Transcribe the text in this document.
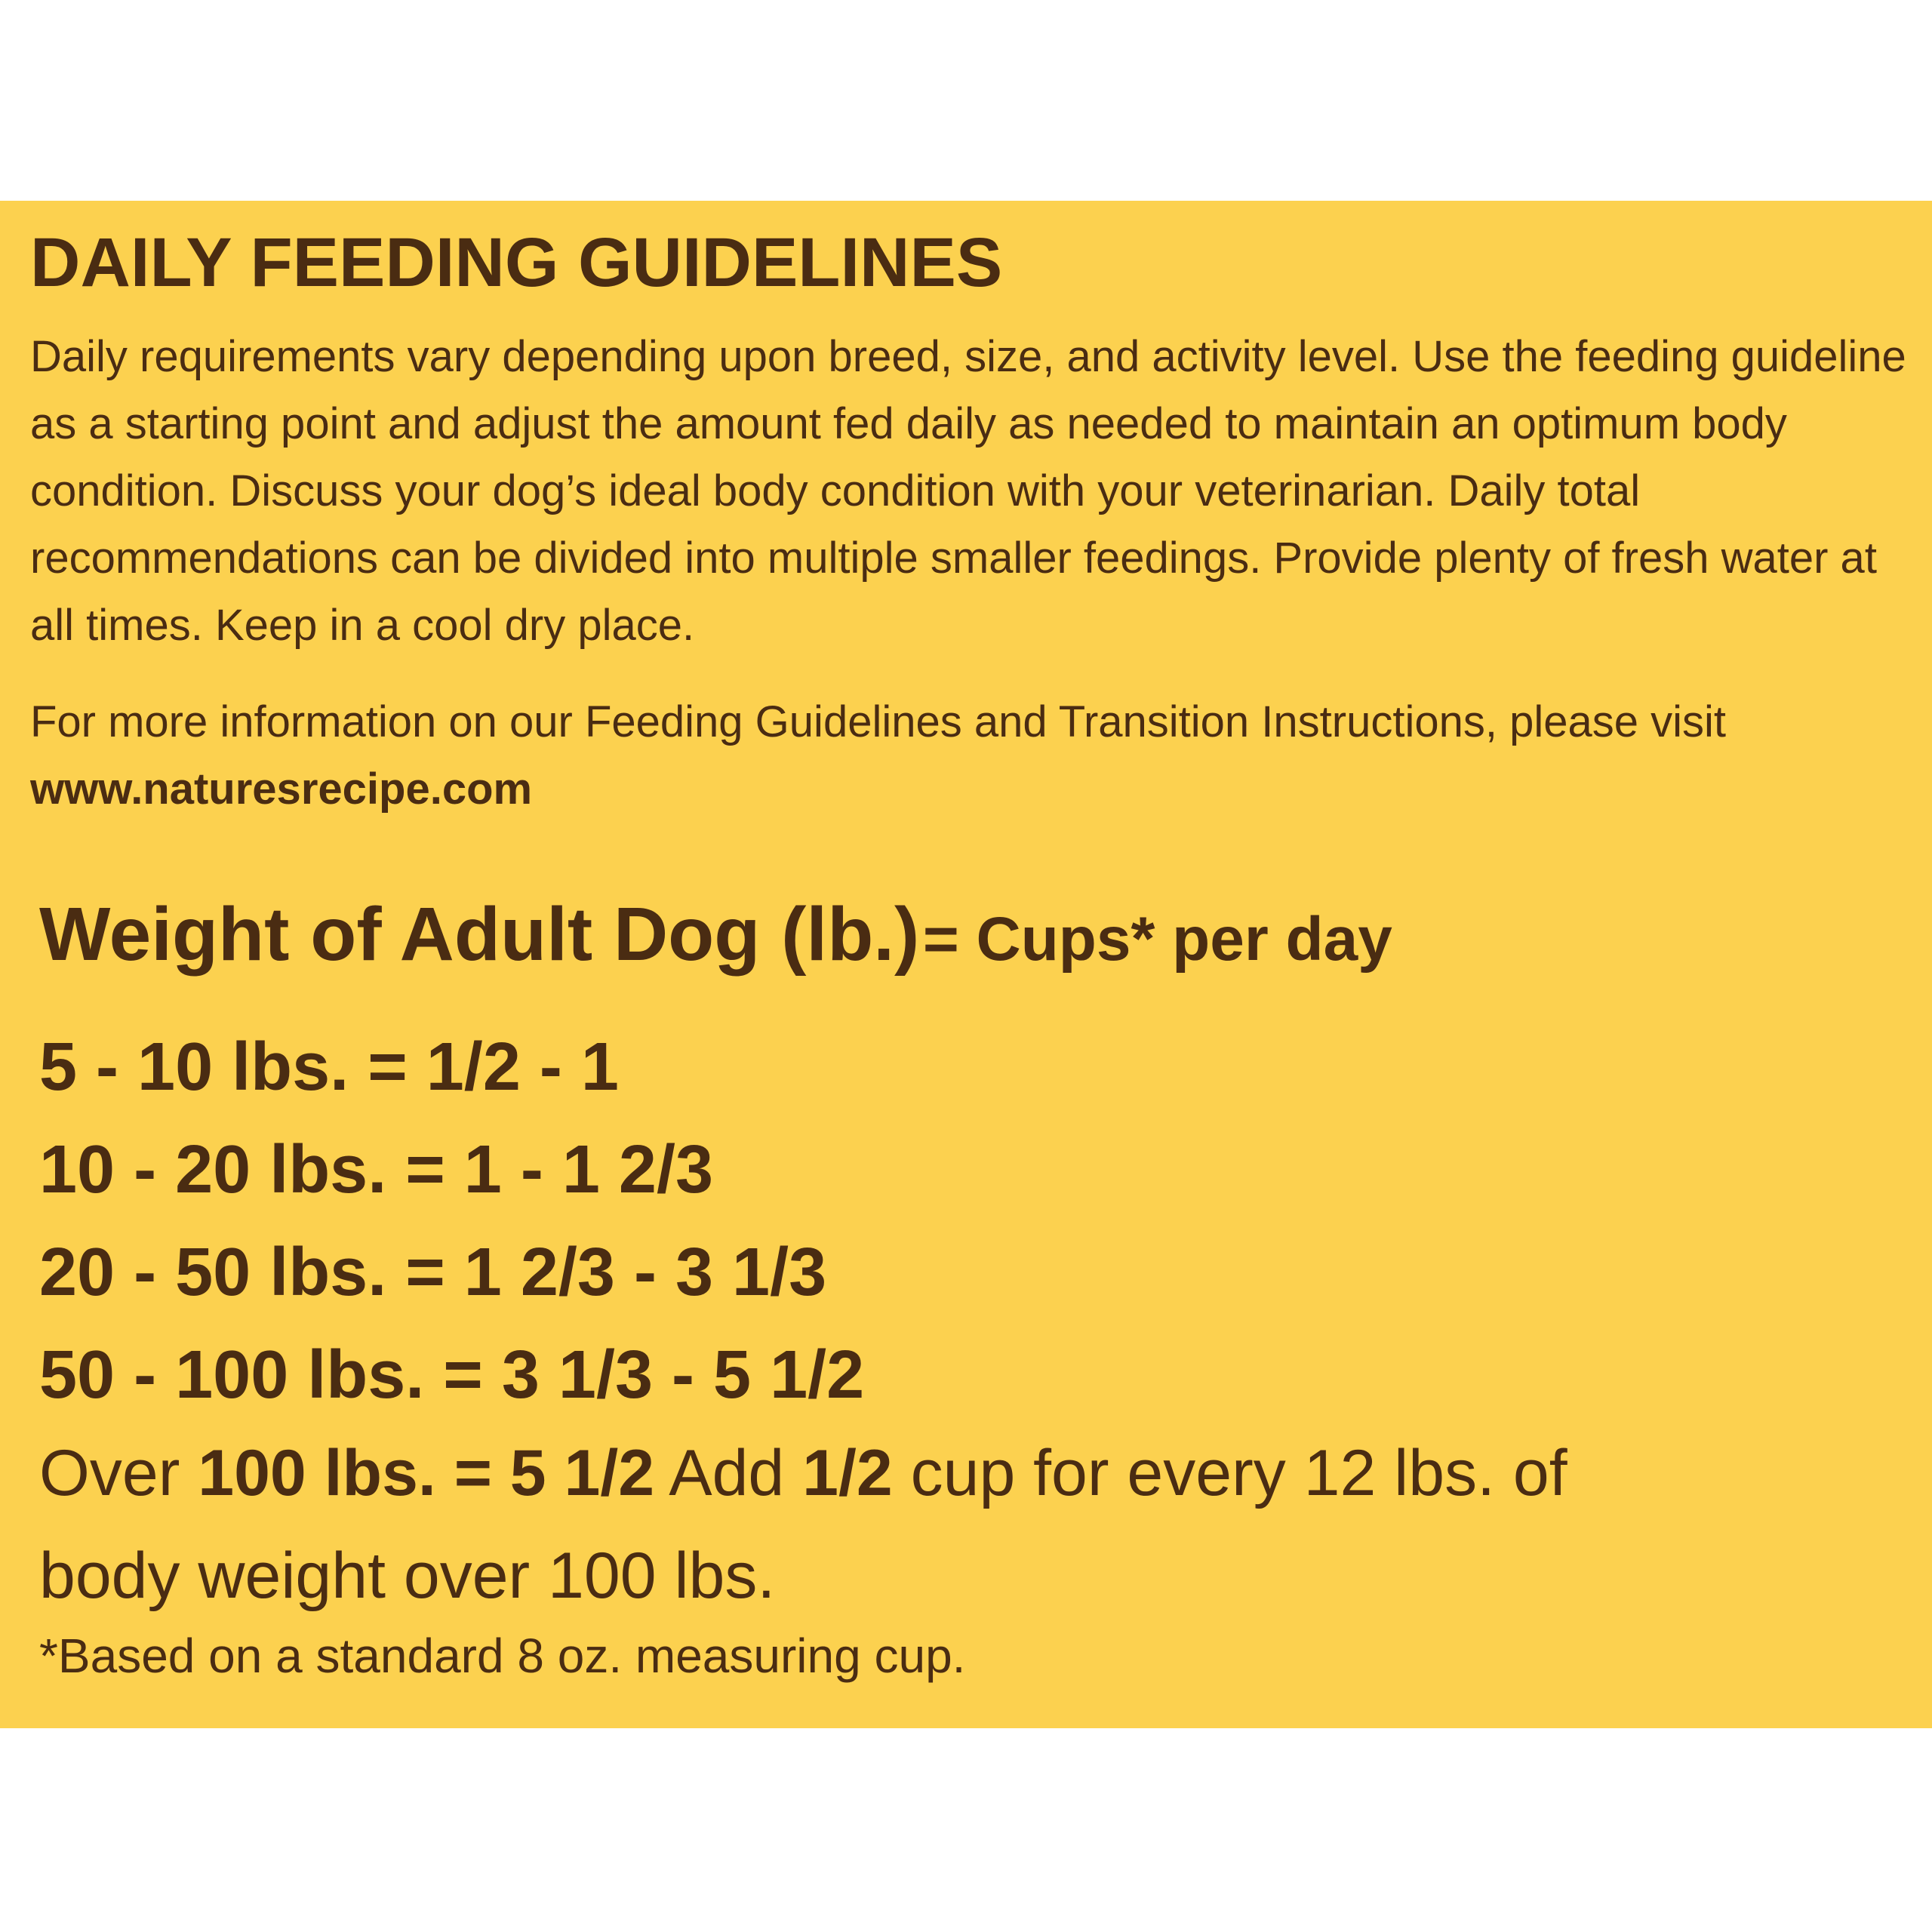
DAILY FEEDING GUIDELINES

Daily requirements vary depending upon breed, size, and activity level. Use the feeding guideline as a starting point and adjust the amount fed daily as needed to maintain an optimum body condition. Discuss your dog’s ideal body condition with your veterinarian. Daily total recommendations can be divided into multiple smaller feedings. Provide plenty of fresh water at all times. Keep in a cool dry place.

For more information on our Feeding Guidelines and Transition Instructions, please visit www.naturesrecipe.com

Weight of Adult Dog (lb.) = Cups* per day
5 - 10 lbs. = 1/2 - 1
10 - 20 lbs. = 1 - 1 2/3
20 - 50 lbs. = 1 2/3 - 3 1/3
50 - 100 lbs. = 3 1/3 - 5 1/2

Over 100 lbs. = 5 1/2 Add 1/2 cup for every 12 lbs. of body weight over 100 lbs.

*Based on a standard 8 oz. measuring cup.
